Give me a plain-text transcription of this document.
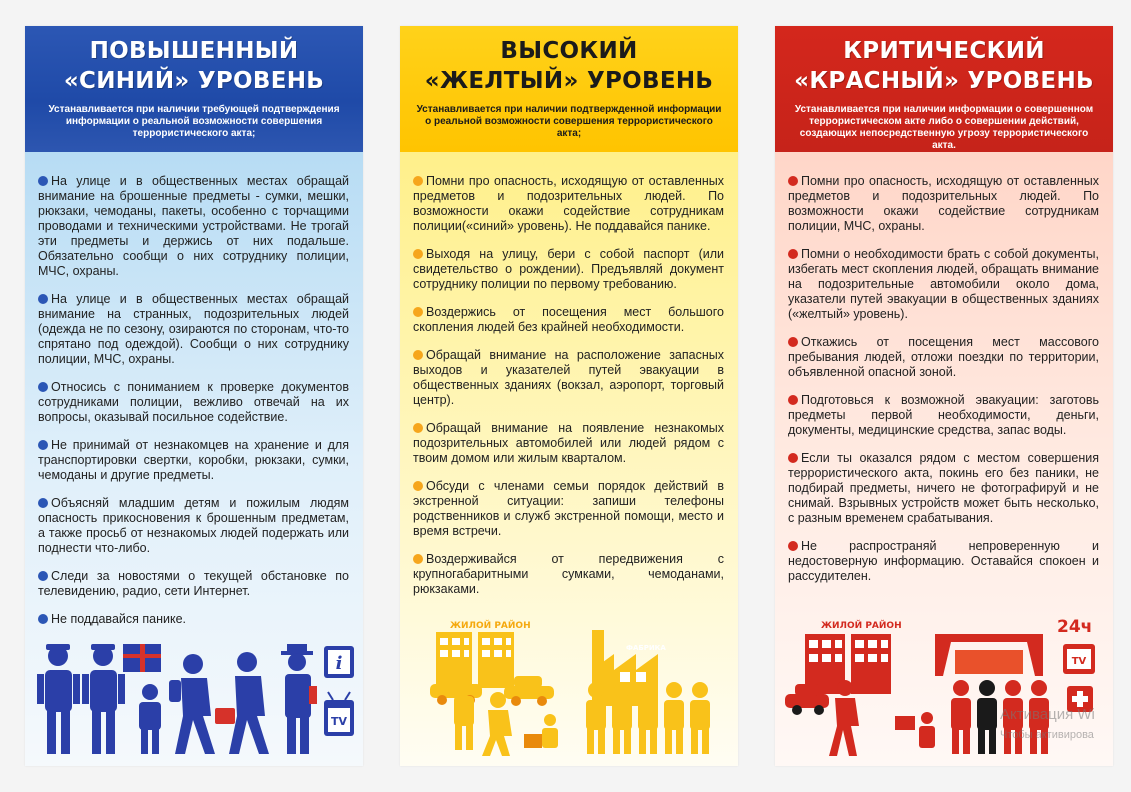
ПОВЫШЕННЫЙ
«СИНИЙ» УРОВЕНЬ
Устанавливается при наличии требующей подтверждения информации о реальной возможности совершения террористического акта;
На улице и в общественных местах обращай внимание на брошенные предметы - сумки, мешки, рюкзаки, чемоданы, пакеты, особенно с торчащими проводами и техническими устройствами. Не трогай эти предметы и держись от них подальше. Обязательно сообщи о них сотруднику полиции, МЧС, охраны.
На улице и в общественных местах обращай внимание на странных, подозрительных людей (одежда не по сезону, озираются по сторонам, что-то спрятано под одеждой). Сообщи о них сотруднику полиции, МЧС, охраны.
Относись с пониманием к проверке документов сотрудниками полиции, вежливо отвечай на их вопросы, оказывай посильное содействие.
Не принимай от незнакомцев на хранение и для транспортировки свертки, коробки, рюкзаки, сумки, чемоданы и другие предметы.
Объясняй младшим детям и пожилым людям опасность прикосновения к брошенным предметам, а также просьб от незнакомых людей подержать или поднести что-либо.
Следи за новостями о текущей обстановке по телевидению, радио, сети Интернет.
Не поддавайся панике.
i
TV
ВЫСОКИЙ
«ЖЕЛТЫЙ» УРОВЕНЬ
Устанавливается при наличии подтвержденной информации о реальной возможности совершения террористического акта;
Помни про опасность, исходящую от оставленных предметов и подозрительных людей. По возможности окажи содействие сотрудникам полиции(«синий» уровень). Не поддавайся панике.
Выходя на улицу, бери с собой паспорт (или свидетельство о рождении). Предъявляй документ сотруднику полиции по первому требованию.
Воздержись от посещения мест большого скопления людей без крайней необходимости.
Обращай внимание на расположение запасных выходов и указателей путей эвакуации в общественных зданиях (вокзал, аэропорт, торговый центр).
Обращай внимание на появление незнакомых подозрительных автомобилей или людей рядом с твоим домом или жилым кварталом.
Обсуди с членами семьи порядок действий в экстренной ситуации: запиши телефоны родственников и служб экстренной помощи, место и время встречи.
Воздерживайся от передвижения с крупногабаритными сумками, чемоданами, рюкзаками.
ЖИЛОЙ РАЙОН
ФАБРИКА
КРИТИЧЕСКИЙ
«КРАСНЫЙ» УРОВЕНЬ
Устанавливается при наличии информации о совершенном террористическом акте либо о совершении действий, создающих непосредственную угрозу террористического акта.
Помни про опасность, исходящую от оставленных предметов и подозрительных людей. По возможности окажи содействие сотрудникам полиции, МЧС, охраны.
Помни о необходимости брать с собой документы, избегать мест скопления людей, обращать внимание на подозрительные автомобили около дома, указатели путей эвакуации в общественных зданиях («желтый» уровень).
Откажись от посещения мест массового пребывания людей, отложи поездки по территории, объявленной опасной зоной.
Подготовься к возможной эвакуации: заготовь предметы первой необходимости, деньги, документы, медицинские средства, запас воды.
Если ты оказался рядом с местом совершения террористического акта, покинь его без паники, не подбирай предметы, ничего не фотографируй и не снимай. Взрывных устройств может быть несколько, с разным временем срабатывания.
Не распространяй непроверенную и недостоверную информацию. Оставайся спокоен и рассудителен.
ЖИЛОЙ РАЙОН	24ч
TV
Активация Wi
Чтобы активирова
